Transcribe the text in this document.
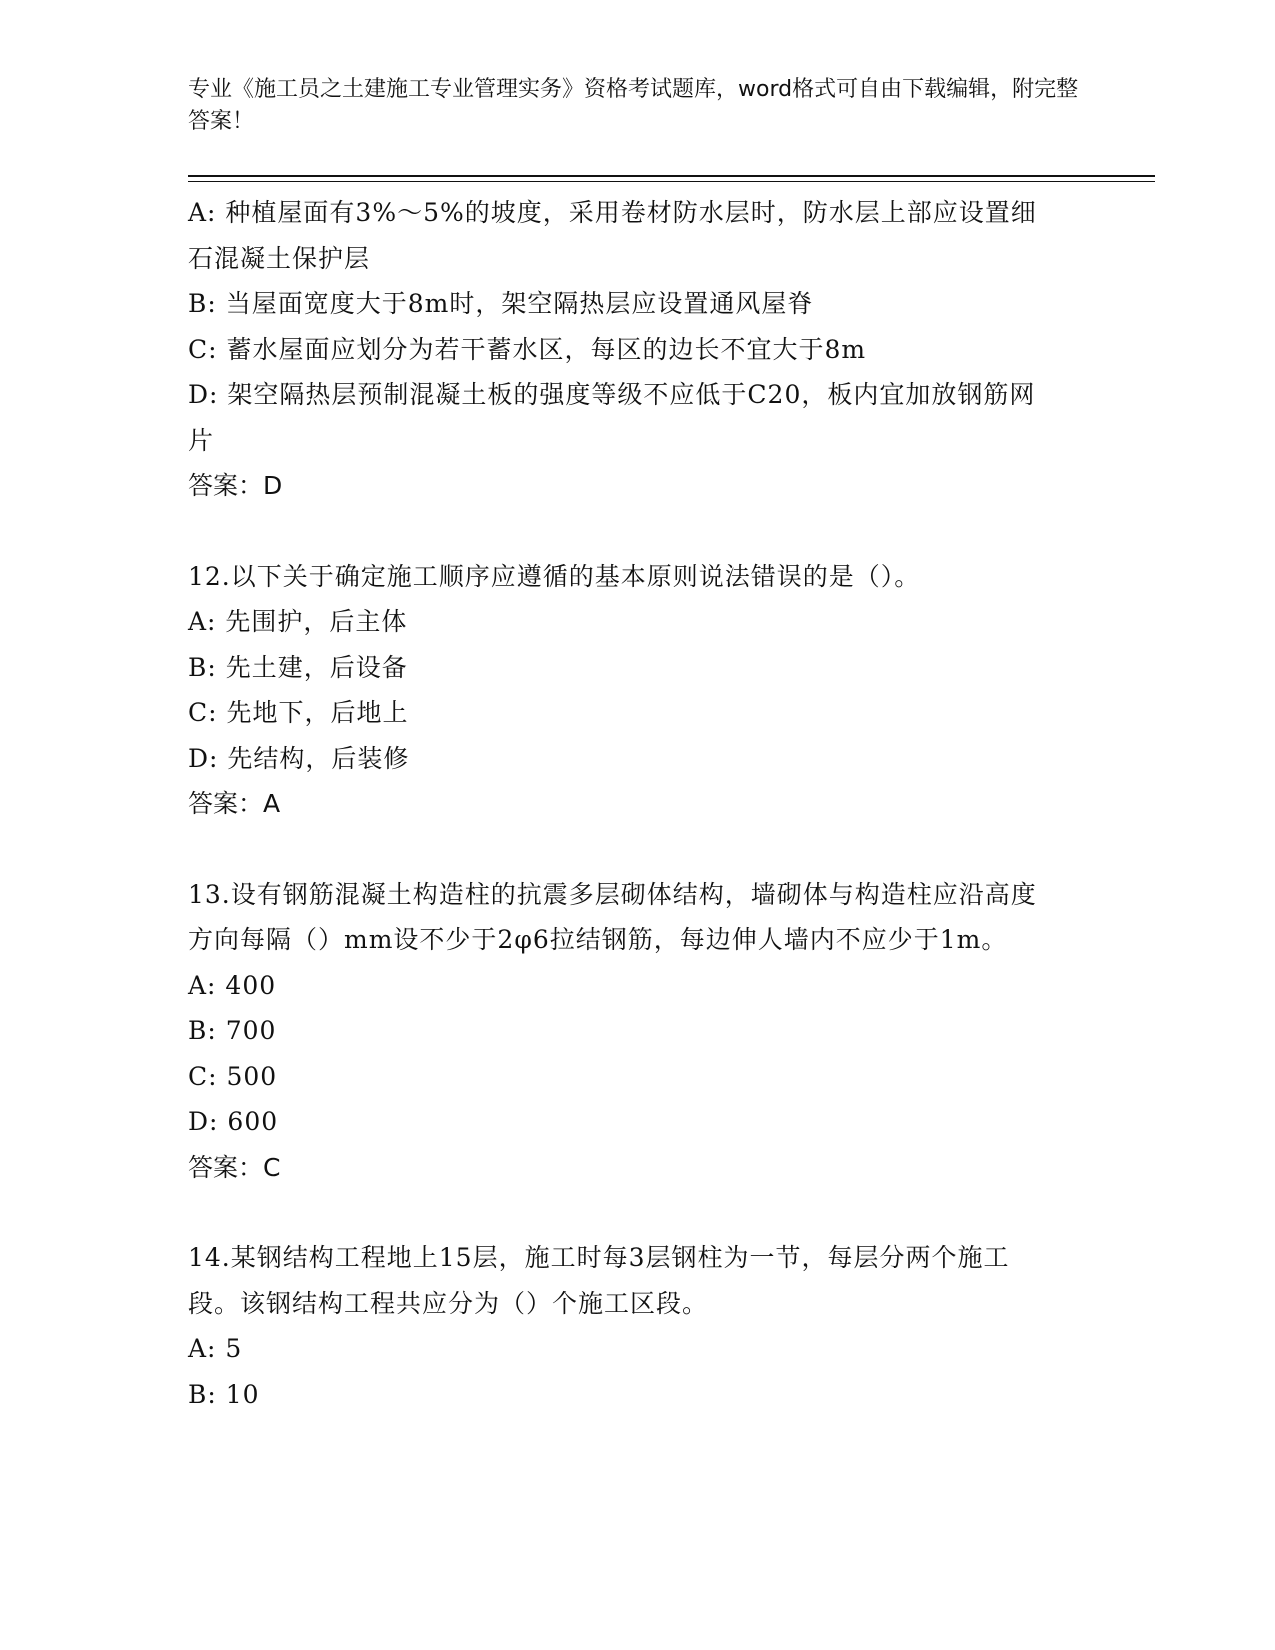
专业《施工员之土建施工专业管理实务》资格考试题库，word格式可自由下载编辑，附完整答案！
A: 种植屋面有3%～5%的坡度，采用卷材防水层时，防水层上部应设置细石混凝土保护层
B: 当屋面宽度大于8m时，架空隔热层应设置通风屋脊
C: 蓄水屋面应划分为若干蓄水区，每区的边长不宜大于8m
D: 架空隔热层预制混凝土板的强度等级不应低于C20，板内宜加放钢筋网片
答案：D
12.以下关于确定施工顺序应遵循的基本原则说法错误的是（）。
A: 先围护，后主体
B: 先土建，后设备
C: 先地下，后地上
D: 先结构，后装修
答案：A
13.设有钢筋混凝土构造柱的抗震多层砌体结构，墙砌体与构造柱应沿高度方向每隔（）mm设不少于2φ6拉结钢筋，每边伸人墙内不应少于1m。
A: 400
B: 700
C: 500
D: 600
答案：C
14.某钢结构工程地上15层，施工时每3层钢柱为一节，每层分两个施工段。该钢结构工程共应分为（）个施工区段。
A: 5
B: 10
